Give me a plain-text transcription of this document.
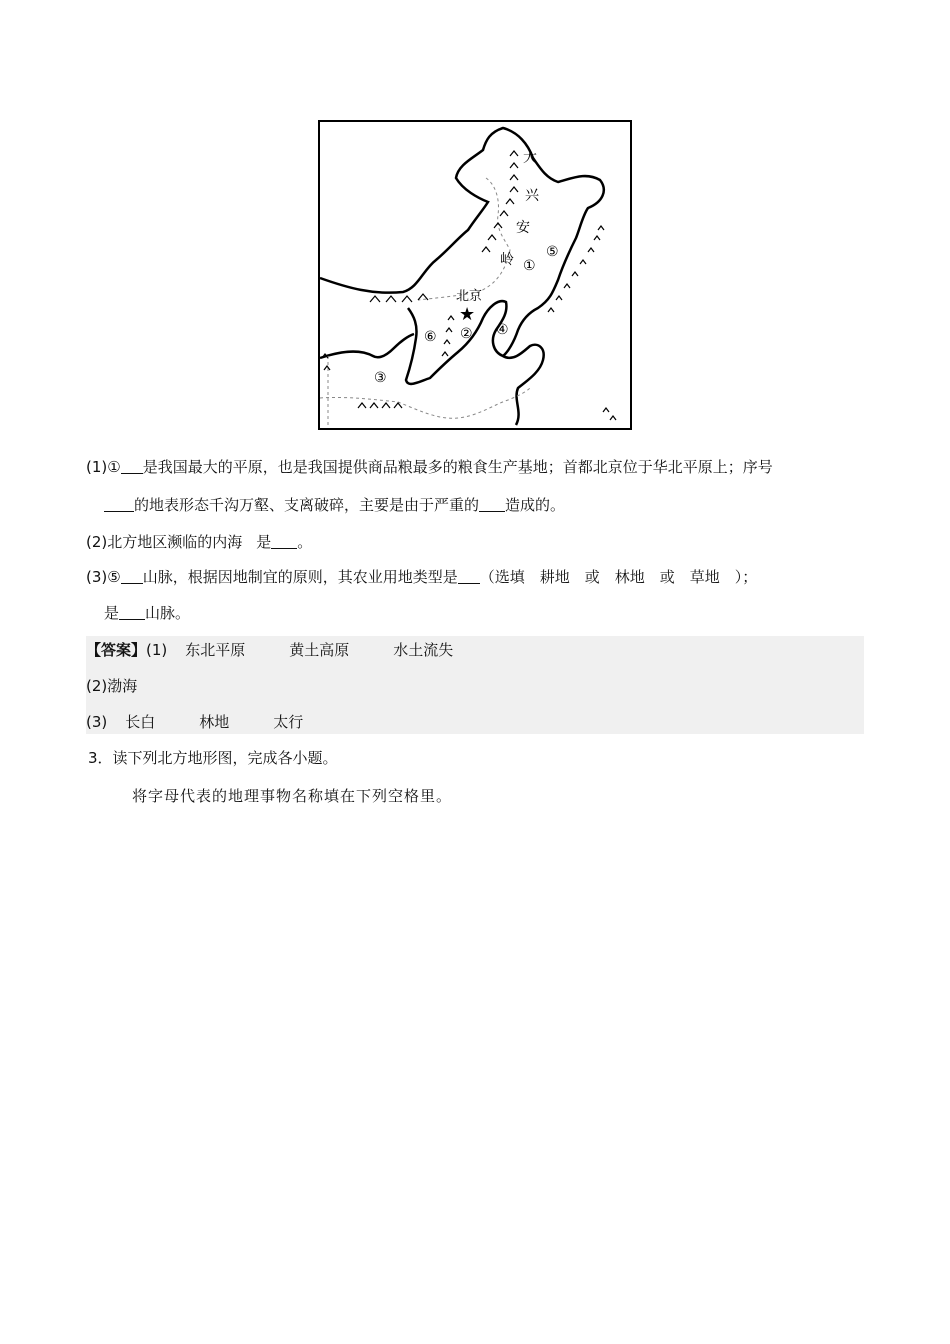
大
兴
安
岭
北京
★
①
②
③
④
⑤
⑥
(1)① 是我国最大的平原，也是我国提供商品粮最多的粮食生产基地；首都北京位于华北平原上；序号
的地表形态千沟万壑、支离破碎，主要是由于严重的 造成的。
(2)北方地区濒临的内海 是 。
(3)⑤ 山脉，根据因地制宜的原则，其农业用地类型是 （选填　耕地　或　林地　或　草地　）；
是 山脉。
【答案】(1) 东北平原	黄土高原	水土流失
(2)渤海
(3) 长白	林地	太行
3．读下列北方地形图，完成各小题。
将字母代表的地理事物名称填在下列空格里。
